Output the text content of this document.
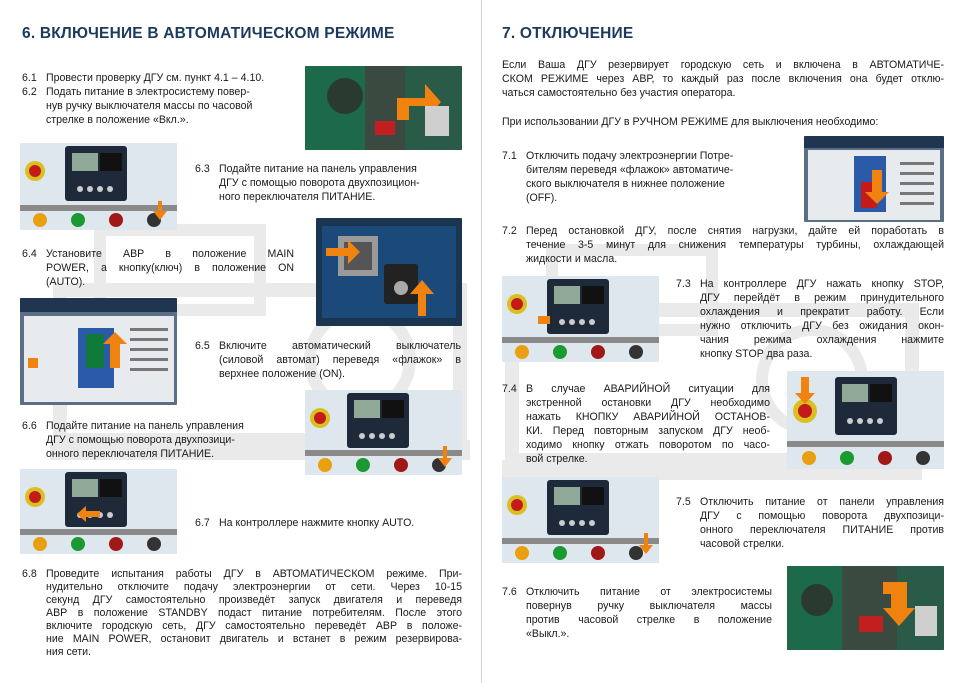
6. ВКЛЮЧЕНИЕ В АВТОМАТИЧЕСКОМ РЕЖИМЕ
6.1 Провести проверку ДГУ см. пункт 4.1 – 4.10.
6.2 Подать питание в электросистему повер-
нув ручку выключателя массы по часовой
стрелке в положение «Вкл.».
6.3 Подайте питание на панель управления
ДГУ с помощью поворота двухпозицион-
ного переключателя ПИТАНИЕ.
6.4 Установите АВР в положение MAIN
POWER, а кнопку(ключ) в положение ON
(AUTO).
6.5 Включите автоматический выключатель
(силовой автомат) переведя «флажок» в
верхнее положение (ON).
6.6 Подайте питание на панель управления
ДГУ с помощью поворота двухпозици-
онного переключателя ПИТАНИЕ.
6.7 На контроллере нажмите кнопку AUTO.
6.8 Проведите испытания работы ДГУ в АВТОМАТИЧЕСКОМ режиме. При-
нудительно отключите подачу электроэнергии от сети. Через 10-15
секунд ДГУ самостоятельно произведёт запуск двигателя и переведя
АВР в положение STANDBY подаст питание потребителям. После этого
включите городскую сеть, ДГУ самостоятельно переведёт АВР в положе-
ние MAIN POWER, остановит двигатель и встанет в режим резервирова-
ния сети.
7. ОТКЛЮЧЕНИЕ
Если Ваша ДГУ резервирует городскую сеть и включена в АВТОМАТИЧЕ-
СКОМ РЕЖИМЕ через АВР, то каждый раз после включения она будет отклю-
чаться самостоятельно без участия оператора.
При использовании ДГУ в РУЧНОМ РЕЖИМЕ для выключения необходимо:
7.1 Отключить подачу электроэнергии Потре-
бителям переведя «флажок» автоматиче-
ского выключателя в нижнее положение
(OFF).
7.2 Перед остановкой ДГУ, после снятия нагрузки, дайте ей поработать в
течение 3-5 минут для снижения температуры турбины, охлаждающей
жидкости и масла.
7.3 На контроллере ДГУ нажать кнопку STOP,
ДГУ перейдёт в режим принудительного
охлаждения и прекратит работу. Если
нужно отключить ДГУ без ожидания окон-
чания режима охлаждения нажмите
кнопку STOP два раза.
7.4 В случае АВАРИЙНОЙ ситуации для
экстренной остановки ДГУ необходимо
нажать КНОПКУ АВАРИЙНОЙ ОСТАНОВ-
КИ. Перед повторным запуском ДГУ необ-
ходимо кнопку отжать поворотом по часо-
вой стрелке.
7.5 Отключить питание от панели управления
ДГУ с помощью поворота двухпозици-
онного переключателя ПИТАНИЕ против
часовой стрелки.
7.6 Отключить питание от электросистемы
повернув ручку выключателя массы
против часовой стрелке в положение
«Выкл.».
